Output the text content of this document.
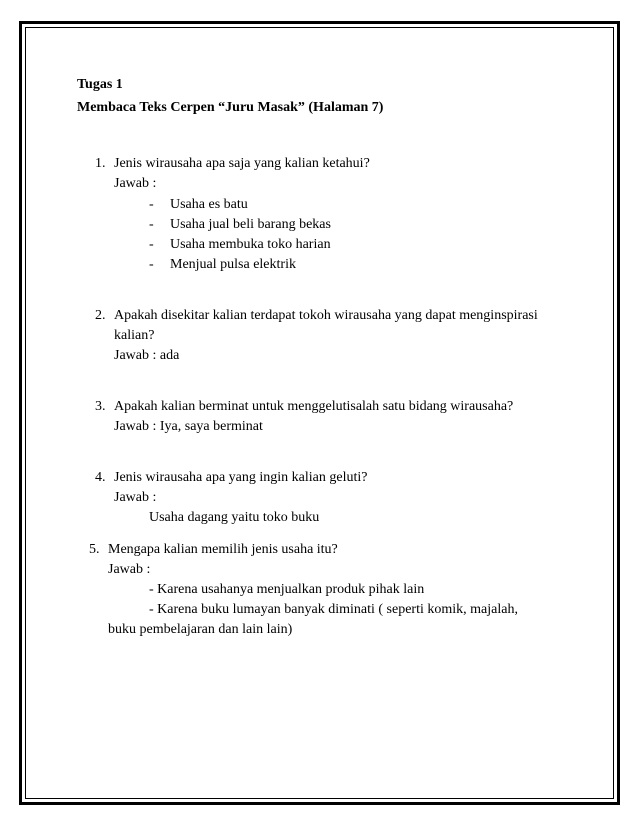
Tugas 1
Membaca Teks Cerpen “Juru Masak” (Halaman 7)
1. Jenis wirausaha apa saja yang kalian ketahui?
Jawab :
- Usaha es batu
- Usaha jual beli barang bekas
- Usaha membuka toko harian
- Menjual pulsa elektrik
2. Apakah disekitar kalian terdapat tokoh wirausaha yang dapat menginspirasi
kalian?
Jawab : ada
3. Apakah kalian berminat untuk menggelutisalah satu bidang wirausaha?
Jawab : Iya, saya berminat
4. Jenis wirausaha apa yang ingin kalian geluti?
Jawab :
Usaha dagang yaitu toko buku
5. Mengapa kalian memilih jenis usaha itu?
Jawab :
- Karena usahanya menjualkan produk pihak lain
- Karena buku lumayan banyak diminati ( seperti komik, majalah,
buku pembelajaran dan lain lain)
